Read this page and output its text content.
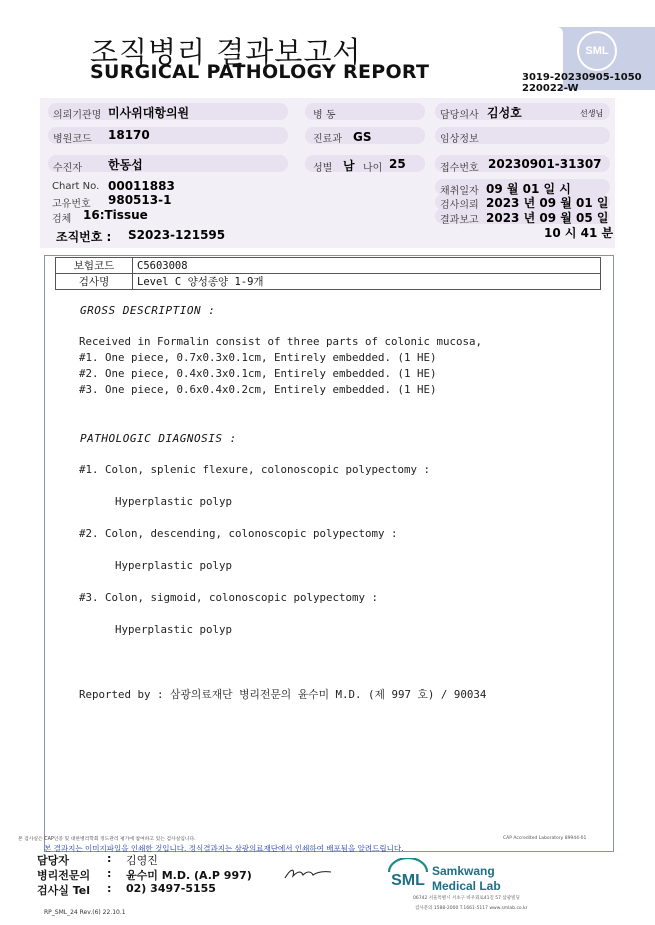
조직병리 결과보고서
SURGICAL PATHOLOGY REPORT
SML
3019-20230905-1050
220022-W
의뢰기관명 미사위대항의원	병 동	담당의사 김성호	선생님
병원코드 18170	진료과 GS	임상정보
수진자 한동섭	성별 남 나이 25	접수번호 20230901-31307
Chart No. 00011883
고유번호 980513-1
검체 16:Tissue
조직번호 : S2023-121595
채취일자 09 월 01 일 시
검사의뢰 2023 년 09 월 01 일
결과보고 2023 년 09 월 05 일
10 시 41 분
보험코드	C5603008
검사명	Level C 양성종양 1-9개
GROSS DESCRIPTION :
Received in Formalin consist of three parts of colonic mucosa,
#1. One piece, 0.7x0.3x0.1cm, Entirely embedded. (1 HE)
#2. One piece, 0.4x0.3x0.1cm, Entirely embedded. (1 HE)
#3. One piece, 0.6x0.4x0.2cm, Entirely embedded. (1 HE)
PATHOLOGIC DIAGNOSIS :
#1. Colon, splenic flexure, colonoscopic polypectomy :
Hyperplastic polyp
#2. Colon, descending, colonoscopic polypectomy :
Hyperplastic polyp
#3. Colon, sigmoid, colonoscopic polypectomy :
Hyperplastic polyp
Reported by : 삼광의료재단 병리전문의 윤수미 M.D. (제 997 호) / 90034
본 검사실은 CAP인증 및 대한병리학회 정도관리 평가에 참여하고 있는 검사실입니다.
본 결과지는 이미지파일을 인쇄한 것입니다. 정식결과지는 삼광의료재단에서 인쇄하여 배포됨을 알려드립니다.
CAP Accredited Laboratory 89944-01
담당자	: 김영진
병리전문의 : 윤수미 M.D. (A.P 997)
검사실 Tel : 02) 3497-5155	SML
Samkwang
Medical Lab
06742 서울특별시 서초구 바우뫼로41길 57 삼광빌딩
검사문의 1588-2000 T.1661-5117 www.smlab.co.kr
RP_SML_24 Rev.(6) 22.10.1
